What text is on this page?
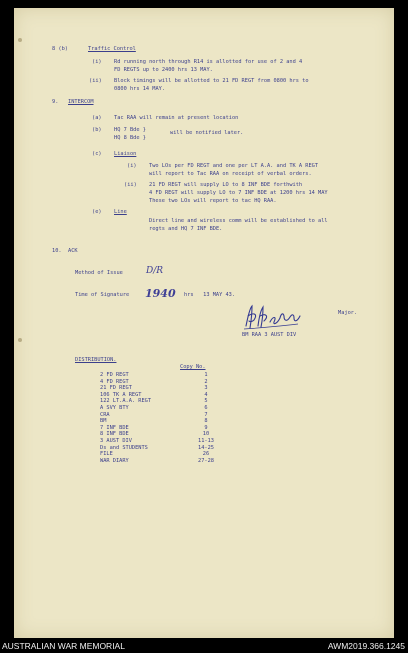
8 (b)	Traffic Control
(i) Rd running north through R14 is allotted for use of 2 and 4
FD REGTS up to 2400 hrs 13 MAY.
(ii) Block timings will be allotted to 21 FD REGT from 0800 hrs to
0800 hrs 14 MAY.
9. INTERCOM
(a) Tac RAA will remain at present location
(b) HQ 7 Bde }
HQ 8 Bde }
will be notified later.
(c) Liaison
(i) Two LOs per FD REGT and one per LT A.A. and TK A REGT
will report to Tac RAA on receipt of verbal orders.
(ii) 21 FD REGT will supply LO to 8 INF BDE forthwith
4 FD REGT will supply LO to 7 INF BDE at 1200 hrs 14 MAY
These two LOs will report to tac HQ RAA.
(e) Line
Direct line and wireless comm will be established to all
regts and HQ 7 INF BDE.
10. ACK
Method of Issue	D/R
Time of Signature 1940 hrs   13 MAY 43.
Major.
BM RAA 3 AUST DIV
DISTRIBUTION.
Copy No.
2 FD REGT	1
4 FD REGT	2
21 FD REGT	3
106 TK A REGT	4
122 LT.A.A. REGT	5
A SVY BTY	6
CRA	7
BM	8
7 INF BDE	9
8 INF BDE	10
3 AUST DIV	11-13
Ds and STUDENTS	14-25
FILE	26
WAR DIARY	27-28
AUSTRALIAN WAR MEMORIAL	AWM2019.366.1245
